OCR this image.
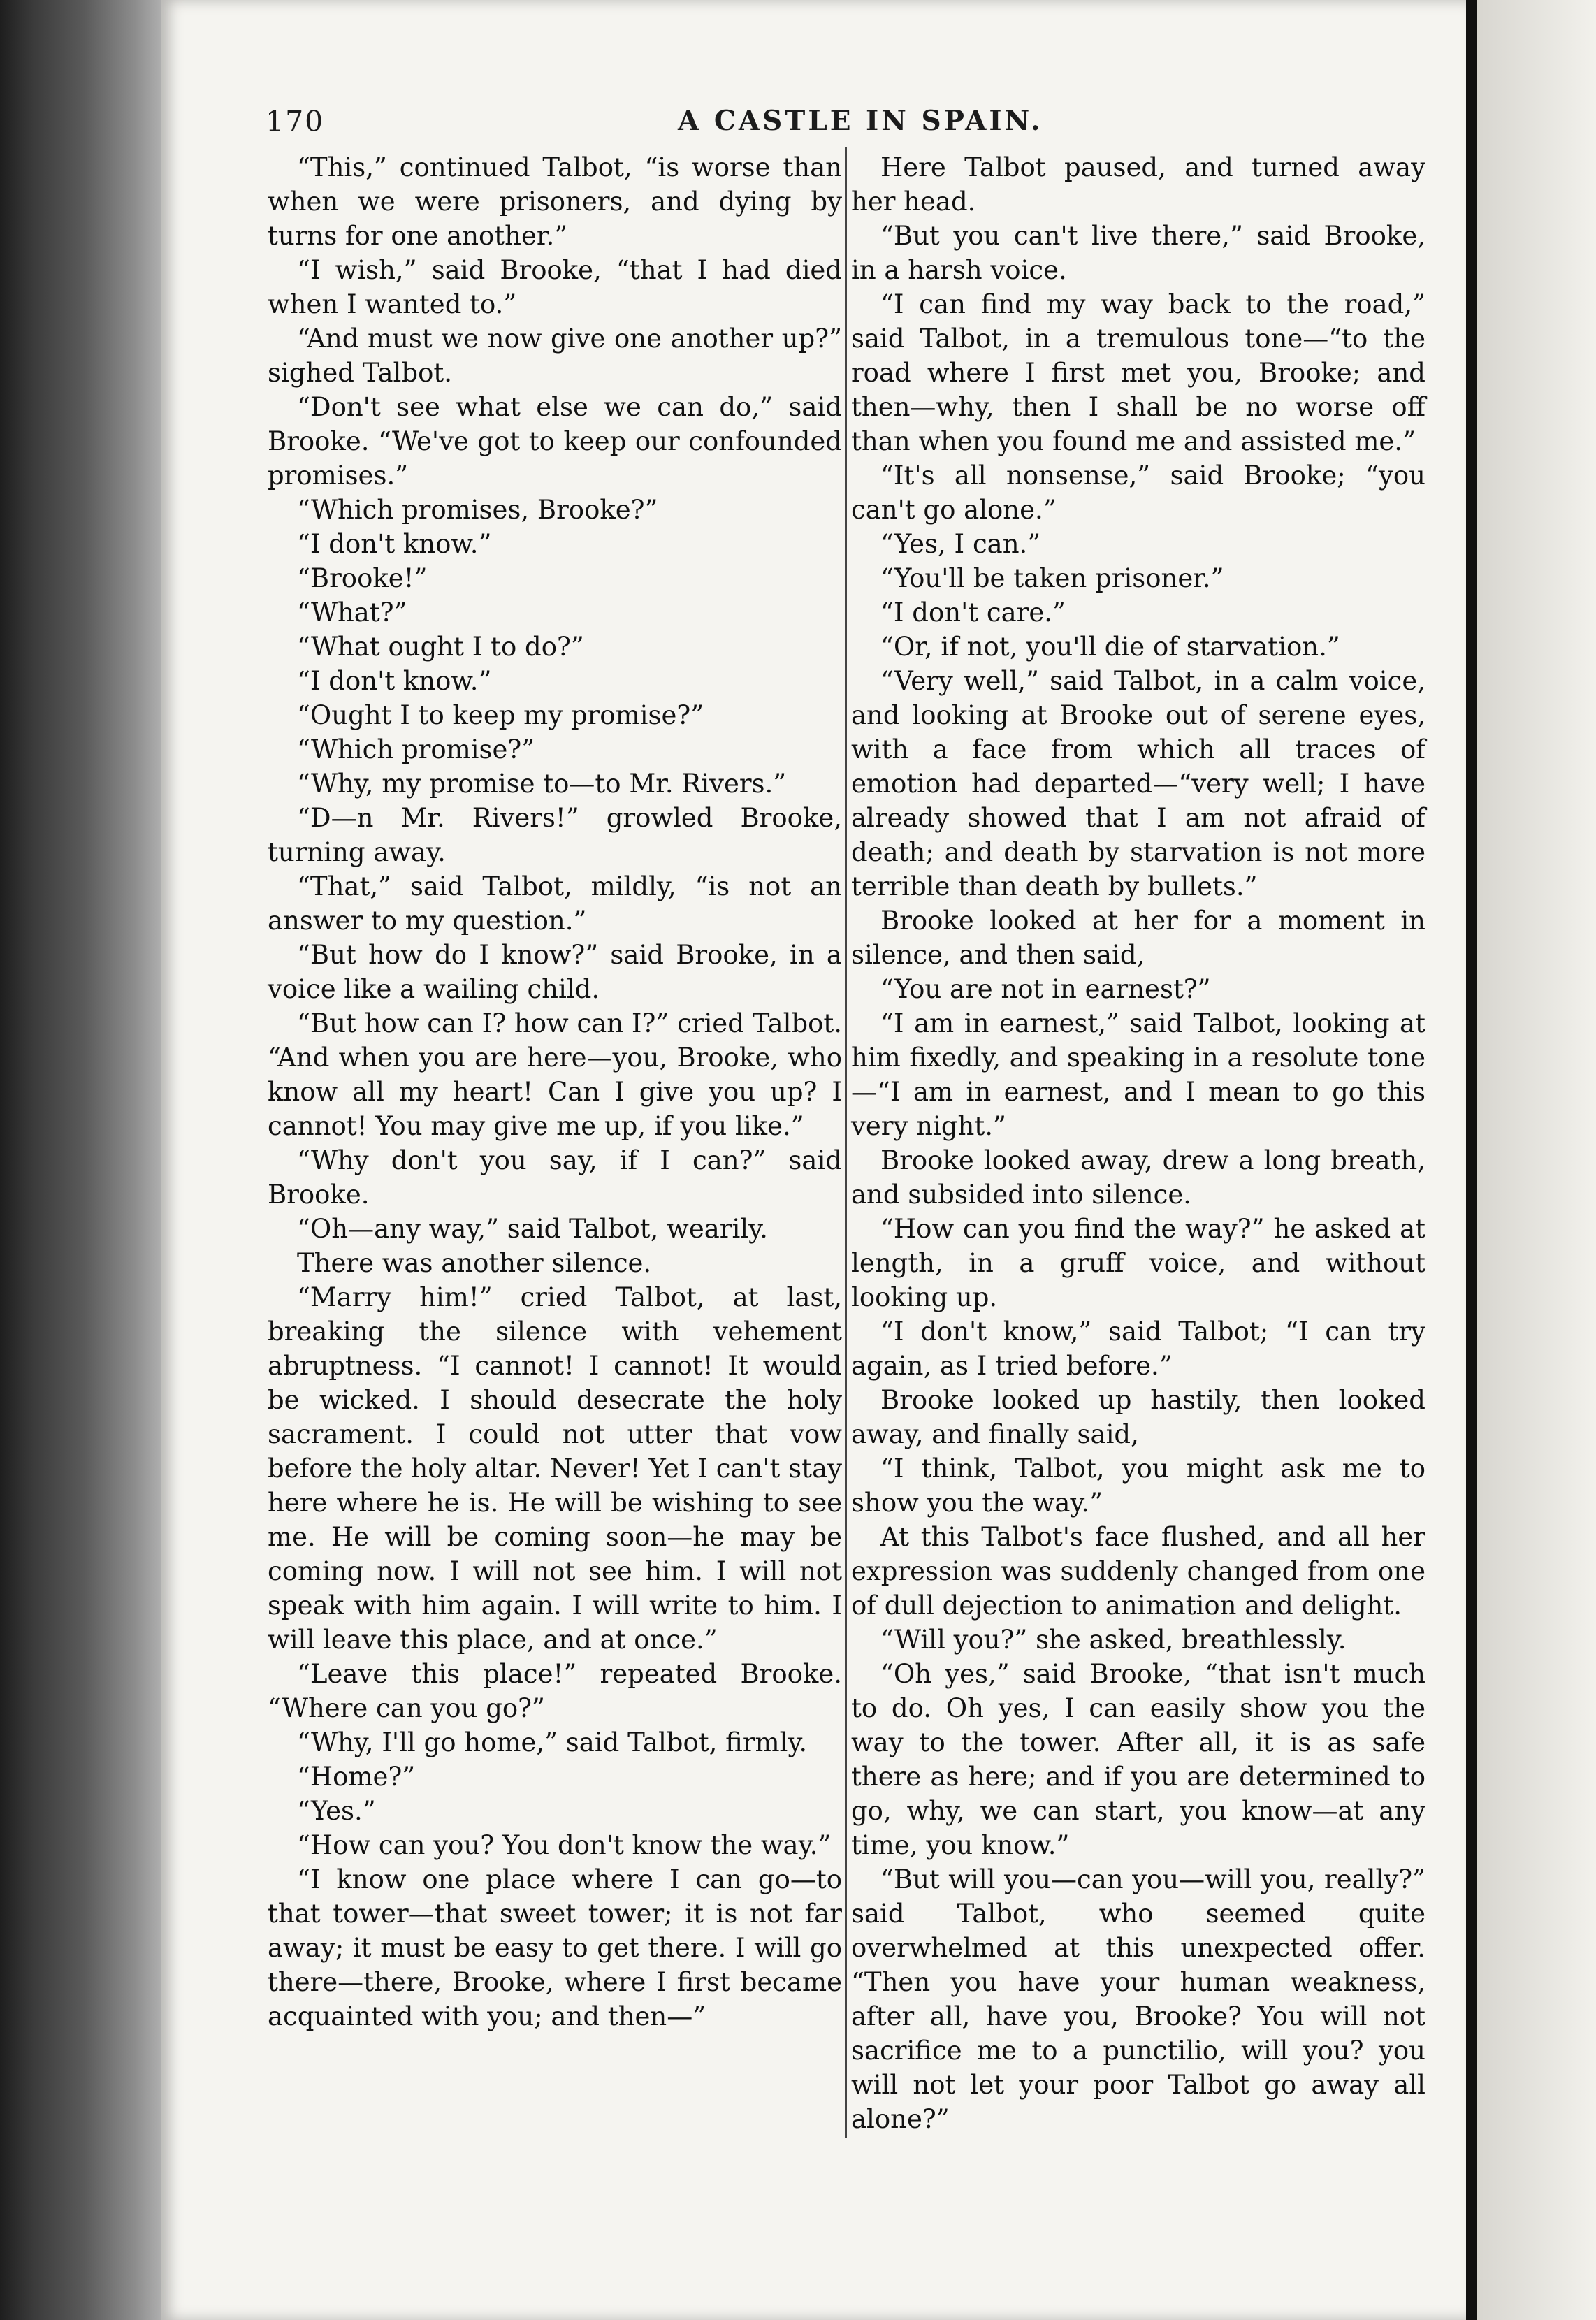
170	A CASTLE IN SPAIN.

“This,” continued Talbot, “is worse than when we were prisoners, and dying by turns for one another.”

“I wish,” said Brooke, “that I had died when I wanted to.”

“And must we now give one another up?” sighed Talbot.

“Don't see what else we can do,” said Brooke. “We've got to keep our confounded promises.”

“Which promises, Brooke?”

“I don't know.”

“Brooke!”

“What?”

“What ought I to do?”

“I don't know.”

“Ought I to keep my promise?”

“Which promise?”

“Why, my promise to—to Mr. Rivers.”

“D—n Mr. Rivers!” growled Brooke, turning away.

“That,” said Talbot, mildly, “is not an answer to my question.”

“But how do I know?” said Brooke, in a voice like a wailing child.

“But how can I? how can I?” cried Talbot. “And when you are here—you, Brooke, who know all my heart! Can I give you up? I cannot! You may give me up, if you like.”

“Why don't you say, if I can?” said Brooke.

“Oh—any way,” said Talbot, wearily.

There was another silence.

“Marry him!” cried Talbot, at last, breaking the silence with vehement abruptness. “I cannot! I cannot! It would be wicked. I should desecrate the holy sacrament. I could not utter that vow before the holy altar. Never! Yet I can't stay here where he is. He will be wishing to see me. He will be coming soon—he may be coming now. I will not see him. I will not speak with him again. I will write to him. I will leave this place, and at once.”

“Leave this place!” repeated Brooke. “Where can you go?”

“Why, I'll go home,” said Talbot, firmly.

“Home?”

“Yes.”

“How can you? You don't know the way.”

“I know one place where I can go—to that tower—that sweet tower; it is not far away; it must be easy to get there. I will go there—there, Brooke, where I first became acquainted with you; and then—”

Here Talbot paused, and turned away her head.

“But you can't live there,” said Brooke, in a harsh voice.

“I can find my way back to the road,” said Talbot, in a tremulous tone—“to the road where I first met you, Brooke; and then—why, then I shall be no worse off than when you found me and assisted me.”

“It's all nonsense,” said Brooke; “you can't go alone.”

“Yes, I can.”

“You'll be taken prisoner.”

“I don't care.”

“Or, if not, you'll die of starvation.”

“Very well,” said Talbot, in a calm voice, and looking at Brooke out of serene eyes, with a face from which all traces of emotion had departed—“very well; I have already showed that I am not afraid of death; and death by starvation is not more terrible than death by bullets.”

Brooke looked at her for a moment in silence, and then said,

“You are not in earnest?”

“I am in earnest,” said Talbot, looking at him fixedly, and speaking in a resolute tone—“I am in earnest, and I mean to go this very night.”

Brooke looked away, drew a long breath, and subsided into silence.

“How can you find the way?” he asked at length, in a gruff voice, and without looking up.

“I don't know,” said Talbot; “I can try again, as I tried before.”

Brooke looked up hastily, then looked away, and finally said,

“I think, Talbot, you might ask me to show you the way.”

At this Talbot's face flushed, and all her expression was suddenly changed from one of dull dejection to animation and delight.

“Will you?” she asked, breathlessly.

“Oh yes,” said Brooke, “that isn't much to do. Oh yes, I can easily show you the way to the tower. After all, it is as safe there as here; and if you are determined to go, why, we can start, you know—at any time, you know.”

“But will you—can you—will you, really?” said Talbot, who seemed quite overwhelmed at this unexpected offer. “Then you have your human weakness, after all, have you, Brooke? You will not sacrifice me to a punctilio, will you? you will not let your poor Talbot go away all alone?”
